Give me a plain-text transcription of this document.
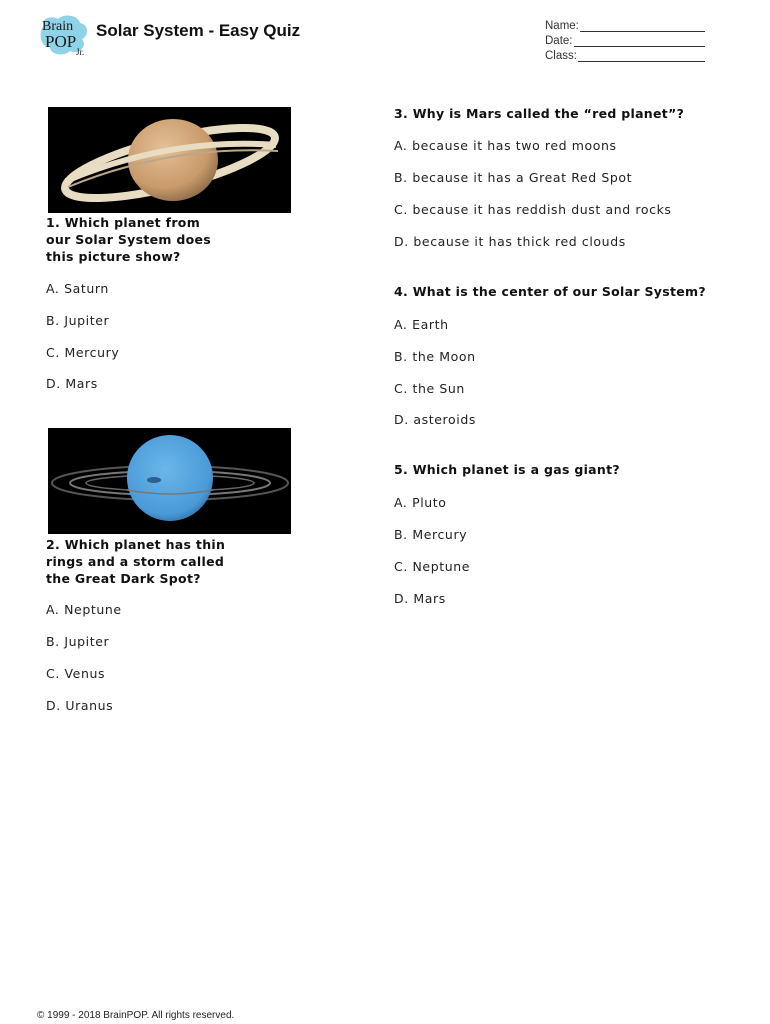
Brain
POP
Jr.
Solar System - Easy Quiz	Name:
Date:
Class:

1. Which planet from our Solar System does this picture show?

A. Saturn

B. Jupiter

C. Mercury

D. Mars

2. Which planet has thin rings and a storm called the Great Dark Spot?

A. Neptune

B. Jupiter

C. Venus

D. Uranus

3. Why is Mars called the “red planet”?

A. because it has two red moons

B. because it has a Great Red Spot

C. because it has reddish dust and rocks

D. because it has thick red clouds

4. What is the center of our Solar System?

A. Earth

B. the Moon

C. the Sun

D. asteroids

5. Which planet is a gas giant?

A. Pluto

B. Mercury

C. Neptune

D. Mars

© 1999 - 2018 BrainPOP. All rights reserved.
